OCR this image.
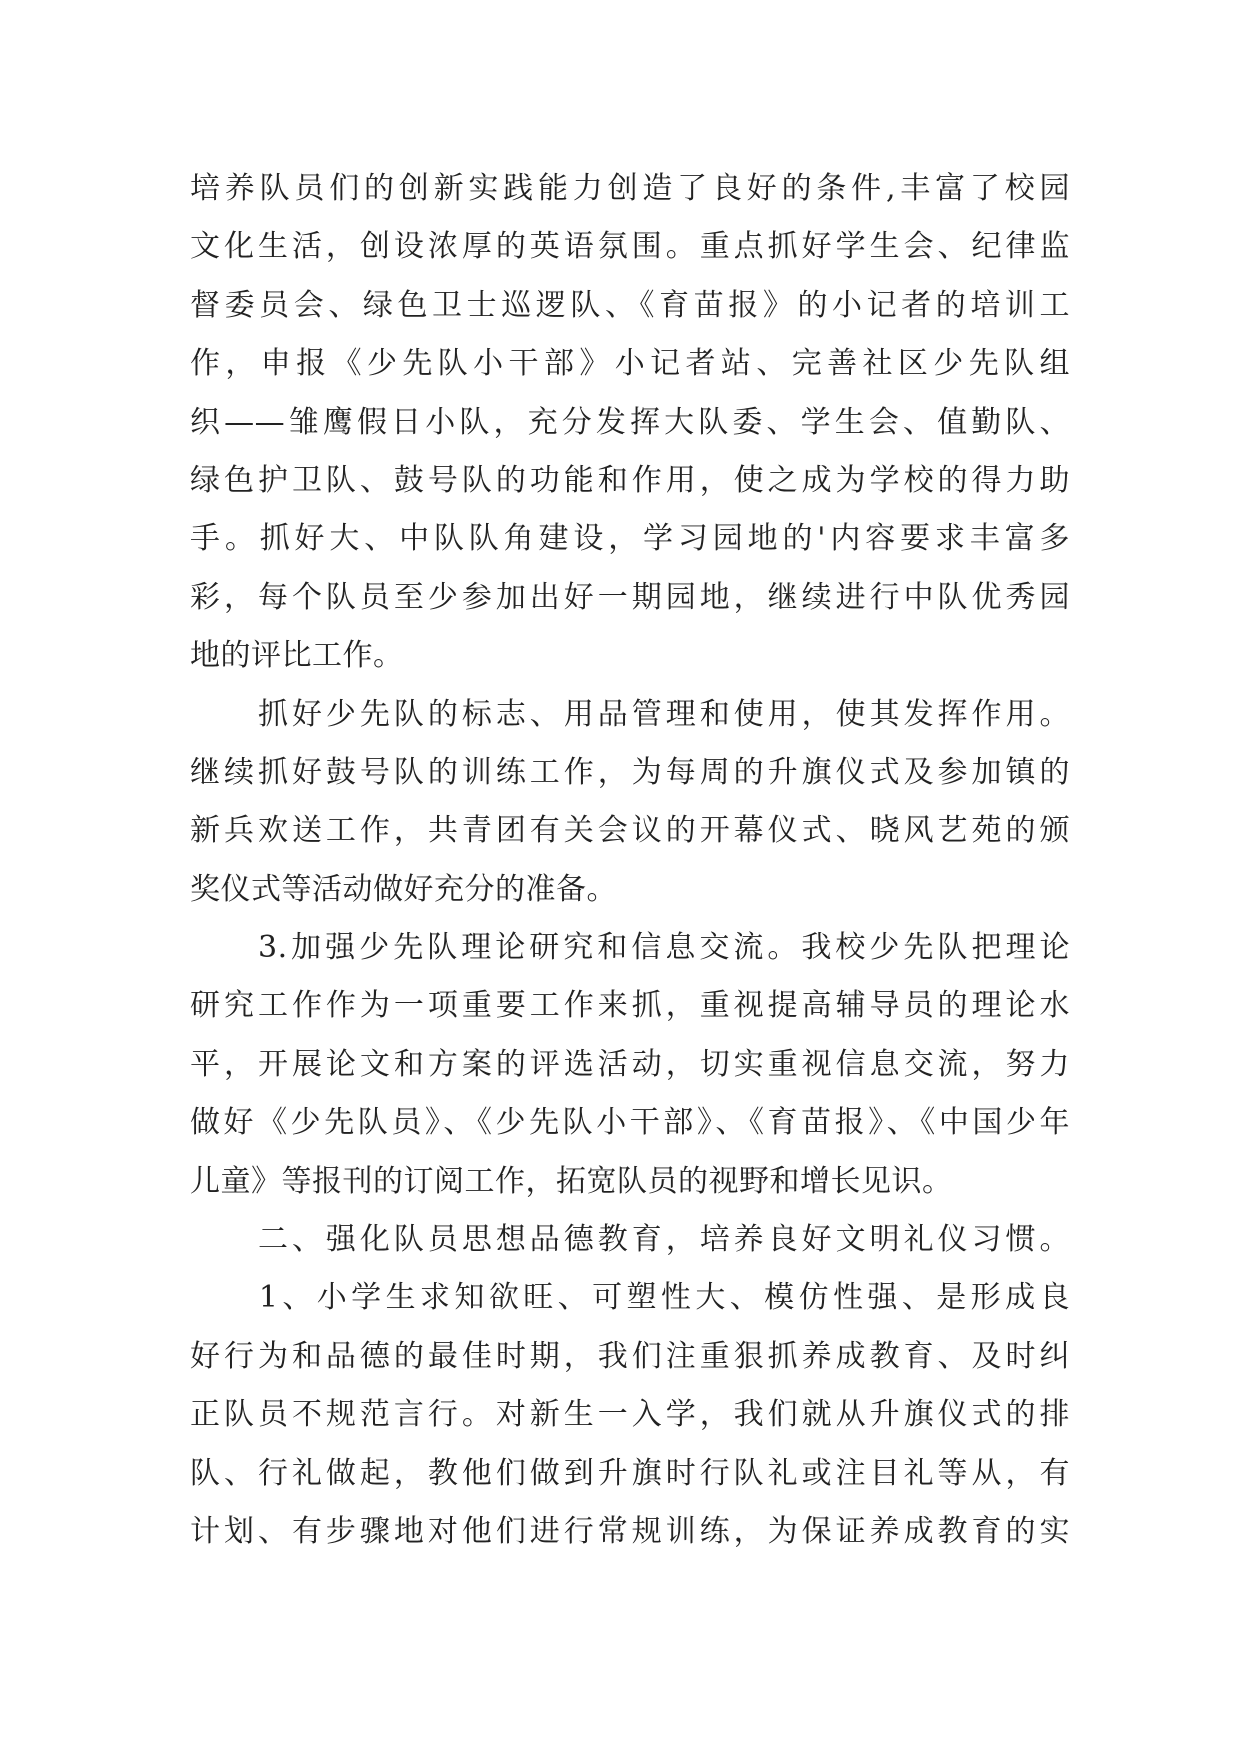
培养队员们的创新实践能力创造了良好的条件,丰富了校园
文化生活，创设浓厚的英语氛围。重点抓好学生会、纪律监
督委员会、绿色卫士巡逻队、《育苗报》的小记者的培训工
作，申报《少先队小干部》小记者站、完善社区少先队组
织——雏鹰假日小队，充分发挥大队委、学生会、值勤队、
绿色护卫队、鼓号队的功能和作用，使之成为学校的得力助
手。抓好大、中队队角建设，学习园地的'内容要求丰富多
彩，每个队员至少参加出好一期园地，继续进行中队优秀园
地的评比工作。
　　抓好少先队的标志、用品管理和使用，使其发挥作用。
继续抓好鼓号队的训练工作，为每周的升旗仪式及参加镇的
新兵欢送工作，共青团有关会议的开幕仪式、晓风艺苑的颁
奖仪式等活动做好充分的准备。
　　3.加强少先队理论研究和信息交流。我校少先队把理论
研究工作作为一项重要工作来抓，重视提高辅导员的理论水
平，开展论文和方案的评选活动，切实重视信息交流，努力
做好《少先队员》、《少先队小干部》、《育苗报》、《中国少年
儿童》等报刊的订阅工作，拓宽队员的视野和增长见识。
　　二、强化队员思想品德教育，培养良好文明礼仪习惯。
　　1、小学生求知欲旺、可塑性大、模仿性强、是形成良
好行为和品德的最佳时期，我们注重狠抓养成教育、及时纠
正队员不规范言行。对新生一入学，我们就从升旗仪式的排
队、行礼做起，教他们做到升旗时行队礼或注目礼等从，有
计划、有步骤地对他们进行常规训练，为保证养成教育的实
